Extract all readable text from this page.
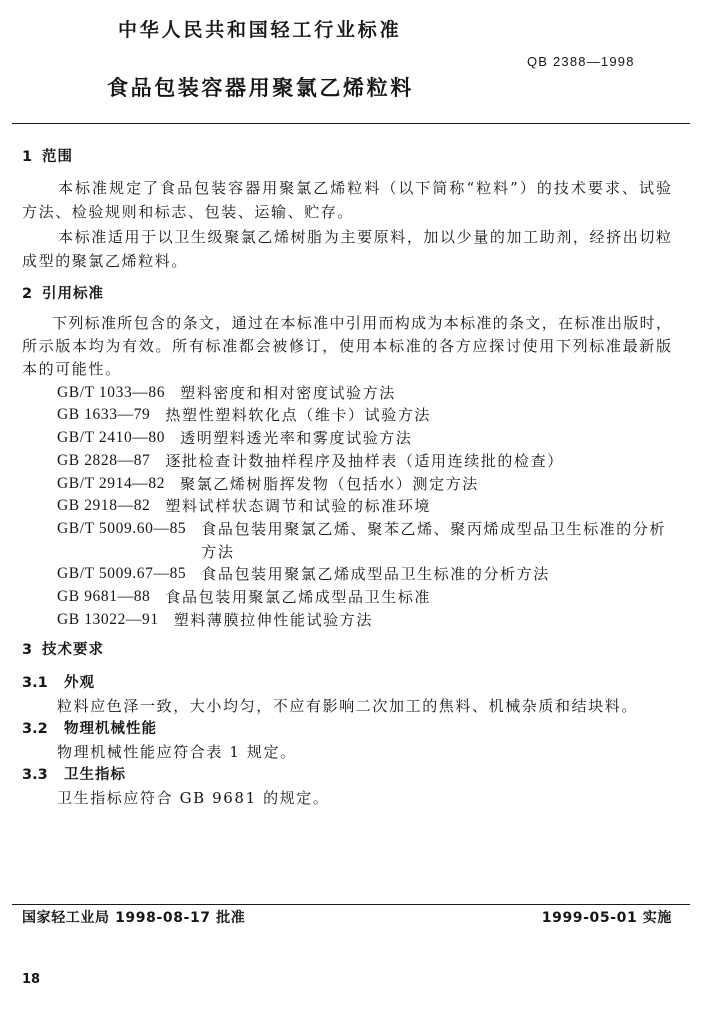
中华人民共和国轻工行业标准
QB 2388—1998
食品包装容器用聚氯乙烯粒料
1 范围
本标准规定了食品包装容器用聚氯乙烯粒料（以下简称“粒料”）的技术要求、试验
方法、检验规则和标志、包装、运输、贮存。
本标准适用于以卫生级聚氯乙烯树脂为主要原料，加以少量的加工助剂，经挤出切粒
成型的聚氯乙烯粒料。
2 引用标准
下列标准所包含的条文，通过在本标准中引用而构成为本标准的条文，在标准出版时，
所示版本均为有效。所有标准都会被修订，使用本标准的各方应探讨使用下列标准最新版
本的可能性。
GB/T 1033—86 塑料密度和相对密度试验方法
GB 1633—79 热塑性塑料软化点（维卡）试验方法
GB/T 2410—80 透明塑料透光率和雾度试验方法
GB 2828—87 逐批检查计数抽样程序及抽样表（适用连续批的检查）
GB/T 2914—82 聚氯乙烯树脂挥发物（包括水）测定方法
GB 2918—82 塑料试样状态调节和试验的标准环境
GB/T 5009.60—85 食品包装用聚氯乙烯、聚苯乙烯、聚丙烯成型品卫生标准的分析
方法
GB/T 5009.67—85 食品包装用聚氯乙烯成型品卫生标准的分析方法
GB 9681—88 食品包装用聚氯乙烯成型品卫生标准
GB 13022—91 塑料薄膜拉伸性能试验方法
3 技术要求
3.1 外观
粒料应色泽一致，大小均匀，不应有影响二次加工的焦料、机械杂质和结块料。
3.2 物理机械性能
物理机械性能应符合表 1 规定。
3.3 卫生指标
卫生指标应符合 GB 9681 的规定。
国家轻工业局 1998-08-17 批准	1999-05-01 实施
18
